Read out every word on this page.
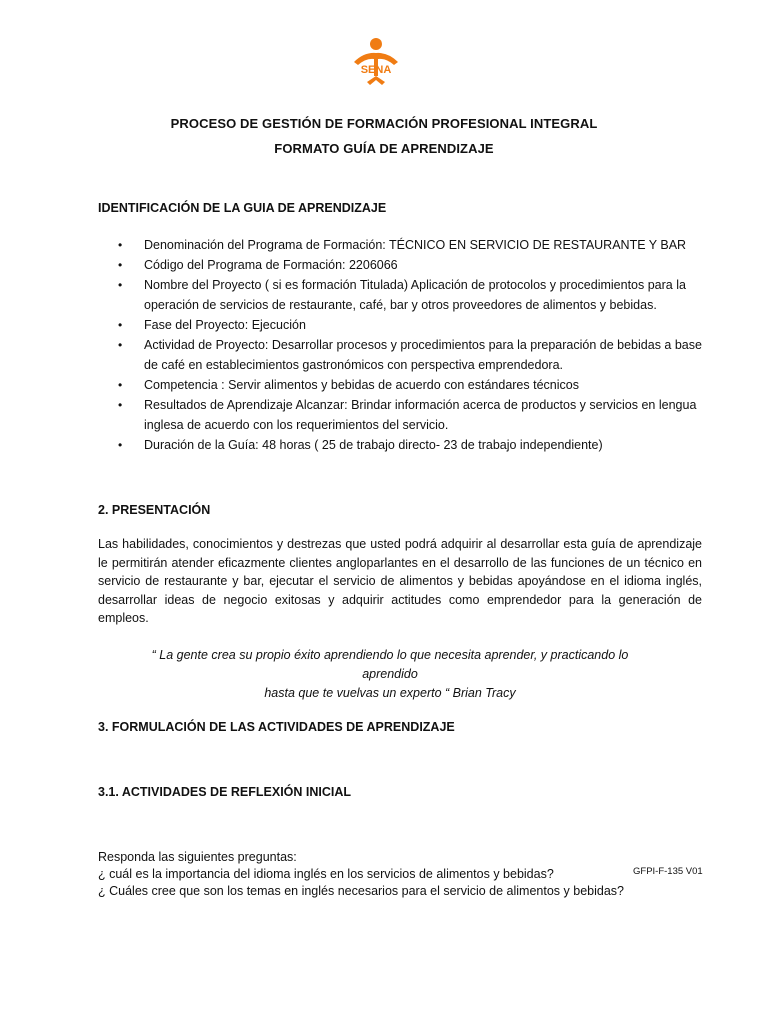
SENA
PROCESO DE GESTIÓN DE FORMACIÓN PROFESIONAL INTEGRAL
FORMATO GUÍA DE APRENDIZAJE
IDENTIFICACIÓN DE LA GUIA DE APRENDIZAJE
• Denominación del Programa de Formación: TÉCNICO EN SERVICIO DE RESTAURANTE Y BAR
• Código del Programa de Formación: 2206066
• Nombre del Proyecto ( si es formación Titulada) Aplicación de protocolos y procedimientos para la operación de servicios de restaurante, café, bar y otros proveedores de alimentos y bebidas.
• Fase del Proyecto: Ejecución
• Actividad de Proyecto: Desarrollar procesos y procedimientos para la preparación de bebidas a base de café en establecimientos gastronómicos con perspectiva emprendedora.
• Competencia : Servir alimentos y bebidas de acuerdo con estándares técnicos
• Resultados de Aprendizaje Alcanzar: Brindar información acerca de productos y servicios en lengua inglesa de acuerdo con los requerimientos del servicio.
• Duración de la Guía: 48 horas ( 25 de trabajo directo- 23 de trabajo independiente)
2. PRESENTACIÓN
Las habilidades, conocimientos y destrezas que usted podrá adquirir al desarrollar esta guía de aprendizaje le permitirán atender eficazmente clientes angloparlantes en el desarrollo de las funciones de un técnico en servicio de restaurante y bar, ejecutar el servicio de alimentos y bebidas apoyándose en el idioma inglés, desarrollar ideas de negocio exitosas y adquirir actitudes como emprendedor para la generación de empleos.
“ La gente crea su propio éxito aprendiendo lo que necesita aprender, y practicando lo aprendido
hasta que te vuelvas un experto “ Brian Tracy
3. FORMULACIÓN DE LAS ACTIVIDADES DE APRENDIZAJE
3.1. ACTIVIDADES DE REFLEXIÓN INICIAL
Responda las siguientes preguntas:
¿ cuál es la importancia del idioma inglés en los servicios de alimentos y bebidas?
¿ Cuáles cree que son los temas en inglés necesarios para el servicio de alimentos y bebidas?
GFPI-F-135 V01
